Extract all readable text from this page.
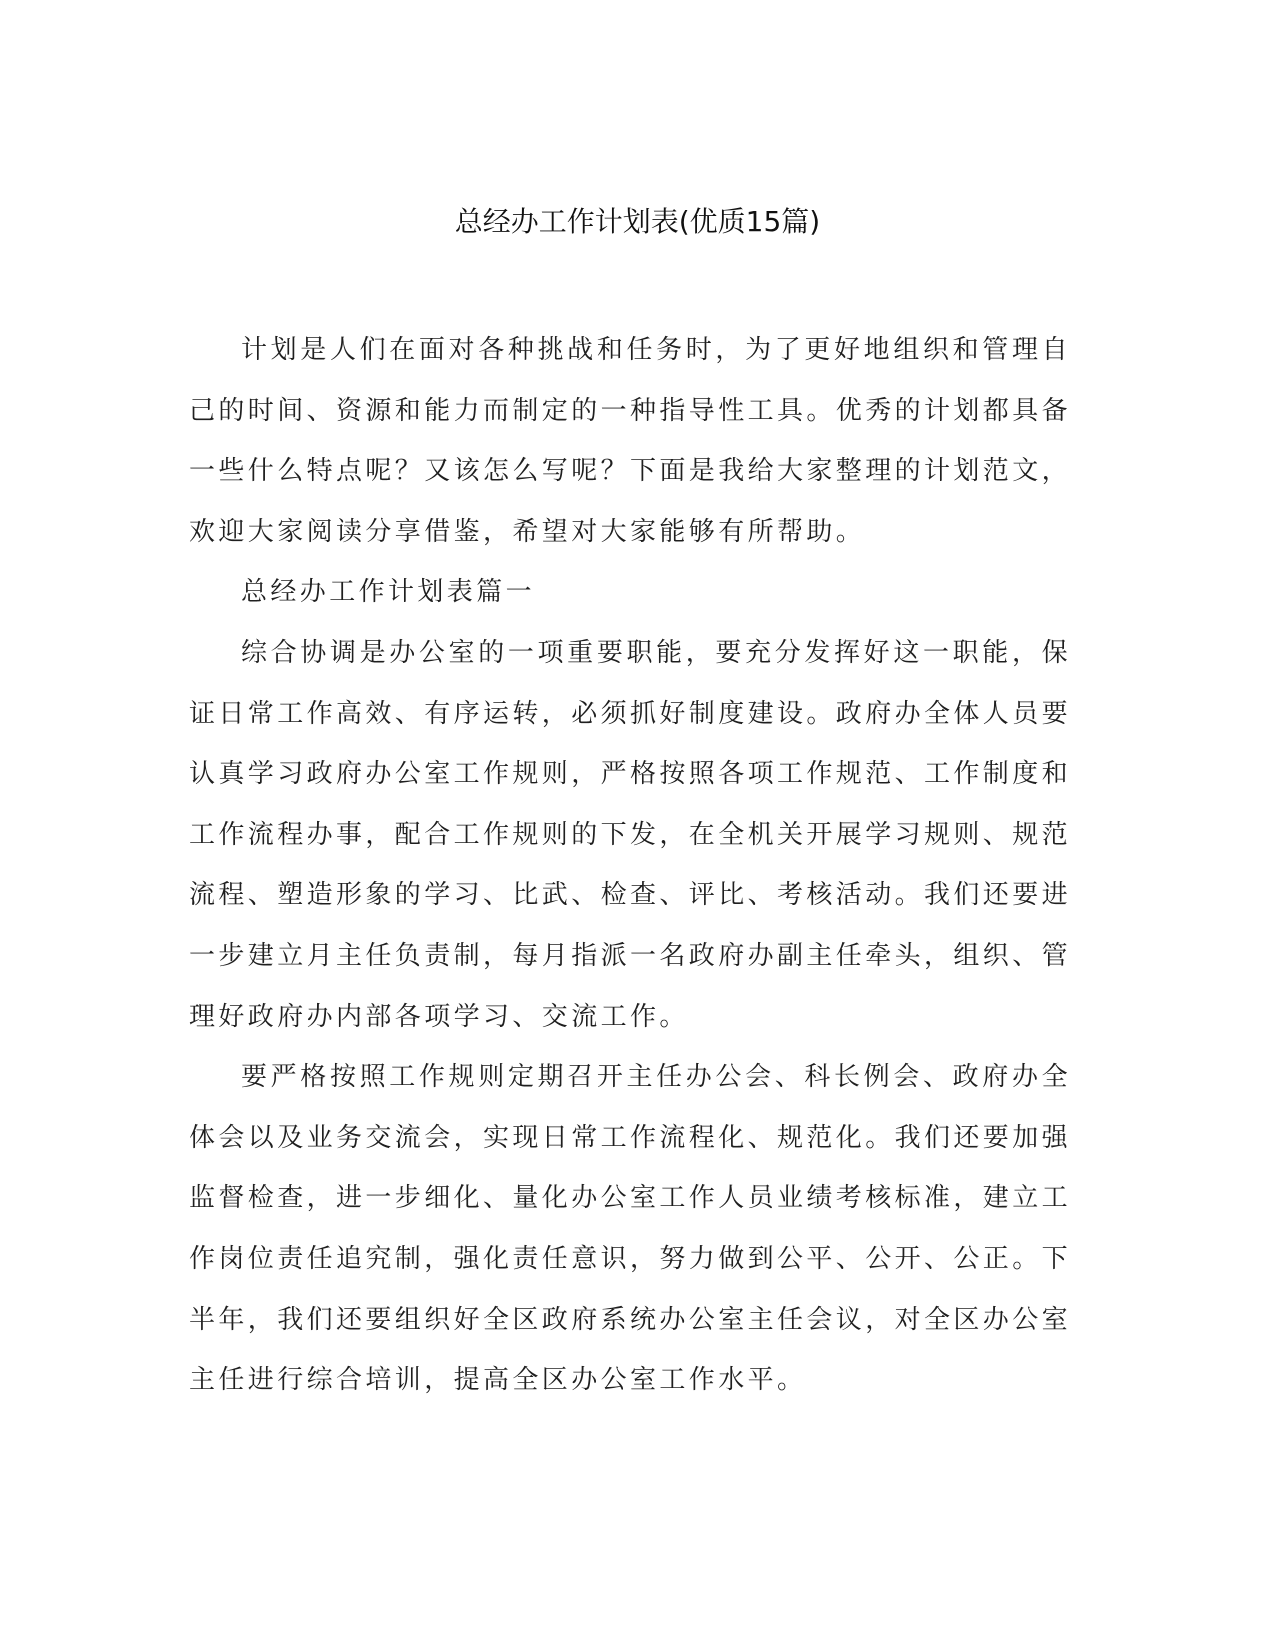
总经办工作计划表(优质15篇)

计划是人们在面对各种挑战和任务时，为了更好地组织和管理自己的时间、资源和能力而制定的一种指导性工具。优秀的计划都具备一些什么特点呢？又该怎么写呢？下面是我给大家整理的计划范文，欢迎大家阅读分享借鉴，希望对大家能够有所帮助。

总经办工作计划表篇一

综合协调是办公室的一项重要职能，要充分发挥好这一职能，保证日常工作高效、有序运转，必须抓好制度建设。政府办全体人员要认真学习政府办公室工作规则，严格按照各项工作规范、工作制度和工作流程办事，配合工作规则的下发，在全机关开展学习规则、规范流程、塑造形象的学习、比武、检查、评比、考核活动。我们还要进一步建立月主任负责制，每月指派一名政府办副主任牵头，组织、管理好政府办内部各项学习、交流工作。

要严格按照工作规则定期召开主任办公会、科长例会、政府办全体会以及业务交流会，实现日常工作流程化、规范化。我们还要加强监督检查，进一步细化、量化办公室工作人员业绩考核标准，建立工作岗位责任追究制，强化责任意识，努力做到公平、公开、公正。下半年，我们还要组织好全区政府系统办公室主任会议，对全区办公室主任进行综合培训，提高全区办公室工作水平。
